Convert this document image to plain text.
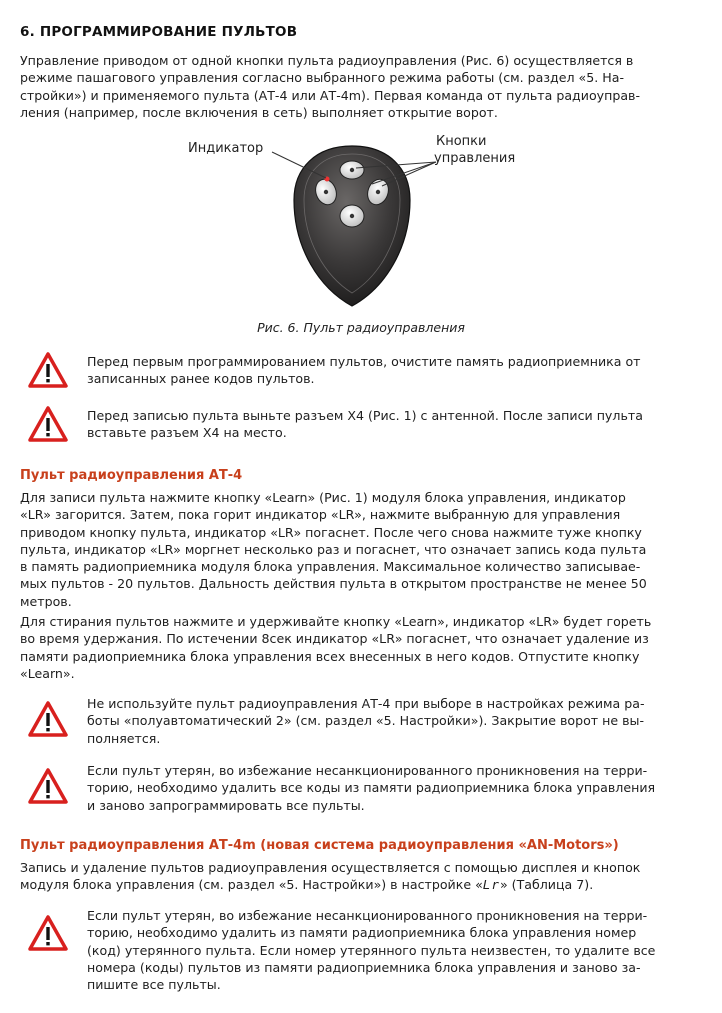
6. ПРОГРАММИРОВАНИЕ ПУЛЬТОВ
Управление приводом от одной кнопки пульта радиоуправления (Рис. 6) осуществляется в
режиме пашагового управления согласно выбранного режима работы (см. раздел «5. На-
стройки») и применяемого пульта (АТ-4 или АТ-4m). Первая команда от пульта радиоуправ-
ления (например, после включения в сеть) выполняет открытие ворот.
Индикатор	Кнопки
управления
Рис. 6. Пульт радиоуправления
Перед первым программированием пультов, очистите память радиоприемника от
записанных ранее кодов пультов.
Перед записью пульта выньте разъем Х4 (Рис. 1) с антенной. После записи пульта
вставьте разъем Х4 на место.
Пульт радиоуправления АТ-4
Для записи пульта нажмите кнопку «Learn» (Рис. 1) модуля блока управления, индикатор
«LR» загорится. Затем, пока горит индикатор «LR», нажмите выбранную для управления
приводом кнопку пульта, индикатор «LR» погаснет. После чего снова нажмите туже кнопку
пульта, индикатор «LR» моргнет несколько раз и погаснет, что означает запись кода пульта
в память радиоприемника модуля блока управления. Максимальное количество записывае-
мых пультов - 20 пультов. Дальность действия пульта в открытом пространстве не менее 50
метров.
Для стирания пультов нажмите и удерживайте кнопку «Learn», индикатор «LR» будет гореть
во время удержания. По истечении 8сек индикатор «LR» погаснет, что означает удаление из
памяти радиоприемника блока управления всех внесенных в него кодов. Отпустите кнопку
«Learn».
Не используйте пульт радиоуправления АТ-4 при выборе в настройках режима ра-
боты «полуавтоматический 2» (см. раздел «5. Настройки»). Закрытие ворот не вы-
полняется.
Если пульт утерян, во избежание несанкционированного проникновения на терри-
торию, необходимо удалить все коды из памяти радиоприемника блока управления
и заново запрограммировать все пульты.
Пульт радиоуправления АТ-4m (новая система радиоуправления «AN-Motors»)
Запись и удаление пультов радиоуправления осуществляется с помощью дисплея и кнопок
модуля блока управления (см. раздел «5. Настройки») в настройке «Lr» (Таблица 7).
Если пульт утерян, во избежание несанкционированного проникновения на терри-
торию, необходимо удалить из памяти радиоприемника блока управления номер
(код) утерянного пульта. Если номер утерянного пульта неизвестен, то удалите все
номера (коды) пультов из памяти радиоприемника блока управления и заново за-
пишите все пульты.
